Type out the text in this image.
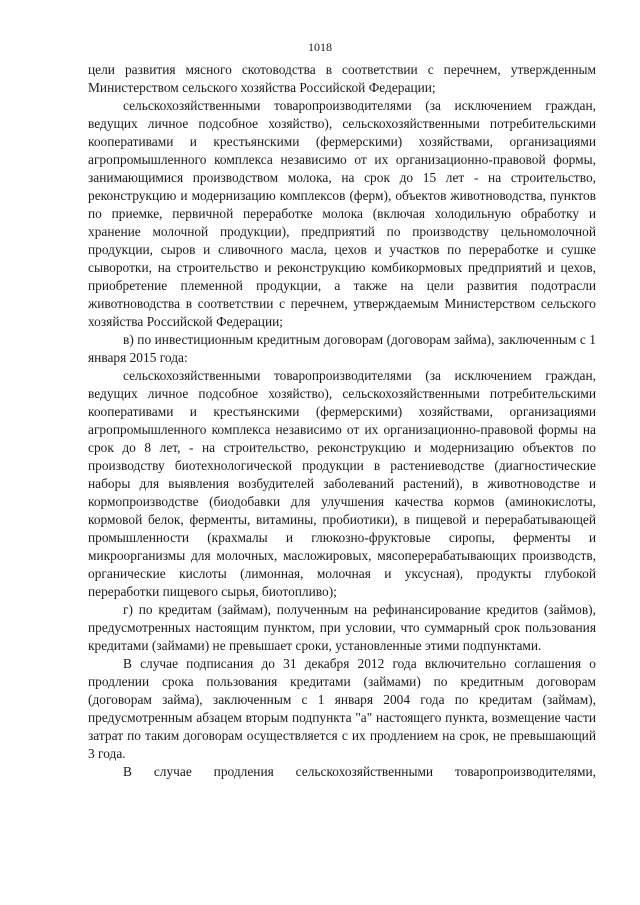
1018

цели развития мясного скотоводства в соответствии с перечнем, утвержденным Министерством сельского хозяйства Российской Федерации;

сельскохозяйственными товаропроизводителями (за исключением граждан, ведущих личное подсобное хозяйство), сельскохозяйственными потребительскими кооперативами и крестьянскими (фермерскими) хозяйствами, организациями агропромышленного комплекса независимо от их организационно-правовой формы, занимающимися производством молока, на срок до 15 лет - на строительство, реконструкцию и модернизацию комплексов (ферм), объектов животноводства, пунктов по приемке, первичной переработке молока (включая холодильную обработку и хранение молочной продукции), предприятий по производству цельномолочной продукции, сыров и сливочного масла, цехов и участков по переработке и сушке сыворотки, на строительство и реконструкцию комбикормовых предприятий и цехов, приобретение племенной продукции, а также на цели развития подотрасли животноводства в соответствии с перечнем, утверждаемым Министерством сельского хозяйства Российской Федерации;

в) по инвестиционным кредитным договорам (договорам займа), заключенным с 1 января 2015 года:

сельскохозяйственными товаропроизводителями (за исключением граждан, ведущих личное подсобное хозяйство), сельскохозяйственными потребительскими кооперативами и крестьянскими (фермерскими) хозяйствами, организациями агропромышленного комплекса независимо от их организационно-правовой формы на срок до 8 лет, - на строительство, реконструкцию и модернизацию объектов по производству биотехнологической продукции в растениеводстве (диагностические наборы для выявления возбудителей заболеваний растений), в животноводстве и кормопроизводстве (биодобавки для улучшения качества кормов (аминокислоты, кормовой белок, ферменты, витамины, пробиотики), в пищевой и перерабатывающей промышленности (крахмалы и глюкозно-фруктовые сиропы, ферменты и микроорганизмы для молочных, масложировых, мясоперерабатывающих производств, органические кислоты (лимонная, молочная и уксусная), продукты глубокой переработки пищевого сырья, биотопливо);

г) по кредитам (займам), полученным на рефинансирование кредитов (займов), предусмотренных настоящим пунктом, при условии, что суммарный срок пользования кредитами (займами) не превышает сроки, установленные этими подпунктами.

В случае подписания до 31 декабря 2012 года включительно соглашения о продлении срока пользования кредитами (займами) по кредитным договорам (договорам займа), заключенным с 1 января 2004 года по кредитам (займам), предусмотренным абзацем вторым подпункта "а" настоящего пункта, возмещение части затрат по таким договорам осуществляется с их продлением на срок, не превышающий 3 года.

В случае продления сельскохозяйственными товаропроизводителями,
